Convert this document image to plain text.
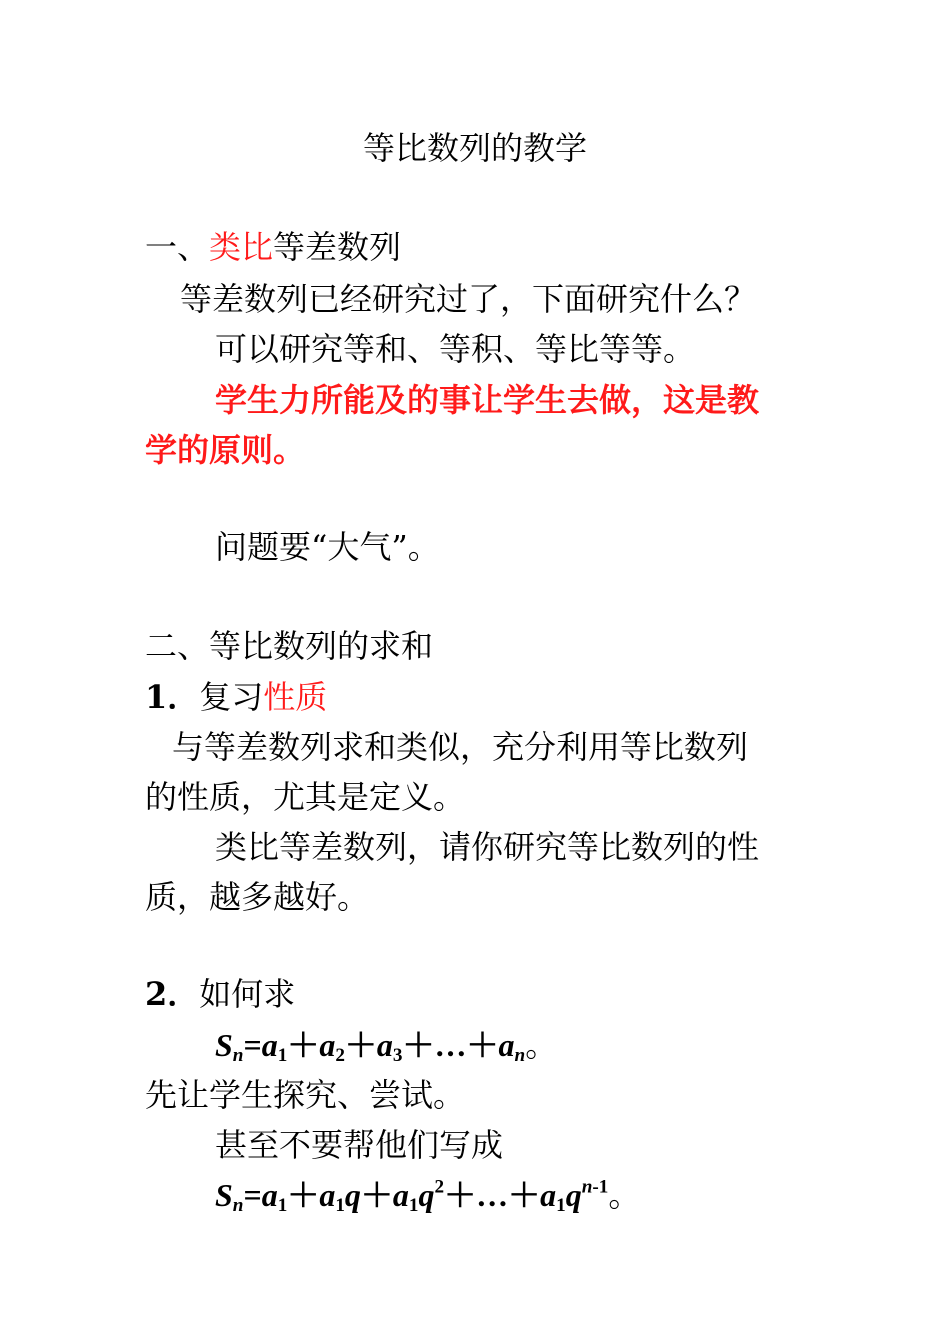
等比数列的教学
一、类比等差数列
等差数列已经研究过了，下面研究什么？
可以研究等和、等积、等比等等。
学生力所能及的事让学生去做，这是教
学的原则。
问题要“大气”。
二、等比数列的求和
1．复习性质
与等差数列求和类似，充分利用等比数列
的性质，尤其是定义。
类比等差数列，请你研究等比数列的性
质，越多越好。
2．如何求
$S_n=a_1+a_2+a_3+\dots+a_n$。
先让学生探究、尝试。
甚至不要帮他们写成
$S_n=a_1+a_1q+a_1q^2+\dots+a_1q^{n-1}$。
